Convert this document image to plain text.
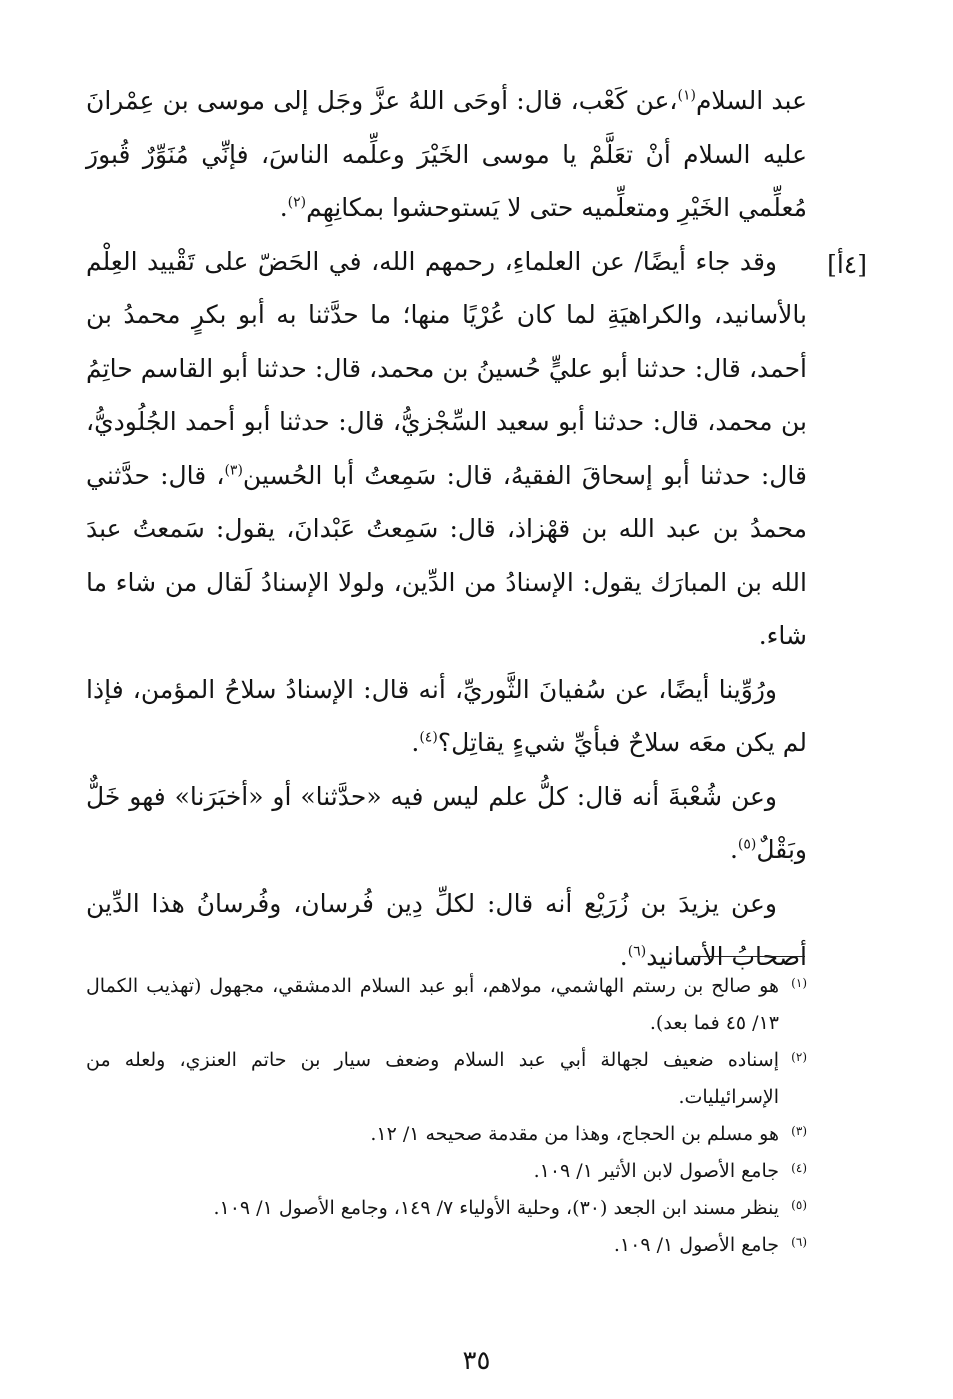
[٤أ]

عبد السلام$^{(١)}$،عن كَعْب، قال: أوحَى اللهُ عزَّ وجَل إلى موسى بن عِمْرانَ عليه السلام أنْ تعَلَّمْ يا موسى الخَيْرَ وعلِّمه الناسَ، فإنِّي مُنَوِّرٌ قُبورَ مُعلِّمي الخَيْرِ ومتعلِّميه حتى لا يَستوحشوا بمكانِهِم$^{(٢)}$.

وقد جاء أيضًا/ عن العلماءِ، رحمهم الله، في الحَضّ على تَقْييد العِلْم بالأسانيد، والكراهيَةِ لما كان عُرْيًا منها؛ ما حدَّثنا به أبو بكرٍ محمدُ بن أحمد، قال: حدثنا أبو عليٍّ حُسينُ بن محمد، قال: حدثنا أبو القاسم حاتِمُ بن محمد، قال: حدثنا أبو سعيد السِّجْزيُّ، قال: حدثنا أبو أحمد الجُلُوديُّ، قال: حدثنا أبو إسحاقَ الفقيهُ، قال: سَمِعتُ أبا الحُسين$^{(٣)}$، قال: حدَّثني محمدُ بن عبد الله بن قهْزاذ، قال: سَمِعتُ عَبْدانَ، يقول: سَمعتُ عبدَ الله بن المبارَك يقول: الإسنادُ من الدِّين، ولولا الإسنادُ لَقال من شاء ما شاء.

ورُوِّينا أيضًا، عن سُفيانَ الثَّوريِّ، أنه قال: الإسنادُ سلاحُ المؤمن، فإذا لم يكن معَه سلاحٌ فبأيِّ شيءٍ يقاتِل؟$^{(٤)}$.

وعن شُعْبةَ أنه قال: كلُّ علم ليس فيه «حدَّثنا» أو «أخبَرَنا» فهو خَلٌّ وبَقْلٌ$^{(٥)}$.

وعن يزيدَ بن زُرَيْع أنه قال: لكلِّ دِين فُرسان، وفُرسانُ هذا الدِّين أصحابُ الأسانيد$^{(٦)}$.

(١)
هو صالح بن رستم الهاشمي، مولاهم، أبو عبد السلام الدمشقي، مجهول (تهذيب الكمال ١٣/ ٤٥ فما بعد).
(٢)
إسناده ضعيف لجهالة أبي عبد السلام وضعف سيار بن حاتم العنزي، ولعله من الإسرائيليات.
(٣)
هو مسلم بن الحجاج، وهذا من مقدمة صحيحه ١/ ١٢.
(٤)
جامع الأصول لابن الأثير ١/ ١٠٩.
(٥)
ينظر مسند ابن الجعد (٣٠)، وحلية الأولياء ٧/ ١٤٩، وجامع الأصول ١/ ١٠٩.
(٦)
جامع الأصول ١/ ١٠٩.
٣٥
